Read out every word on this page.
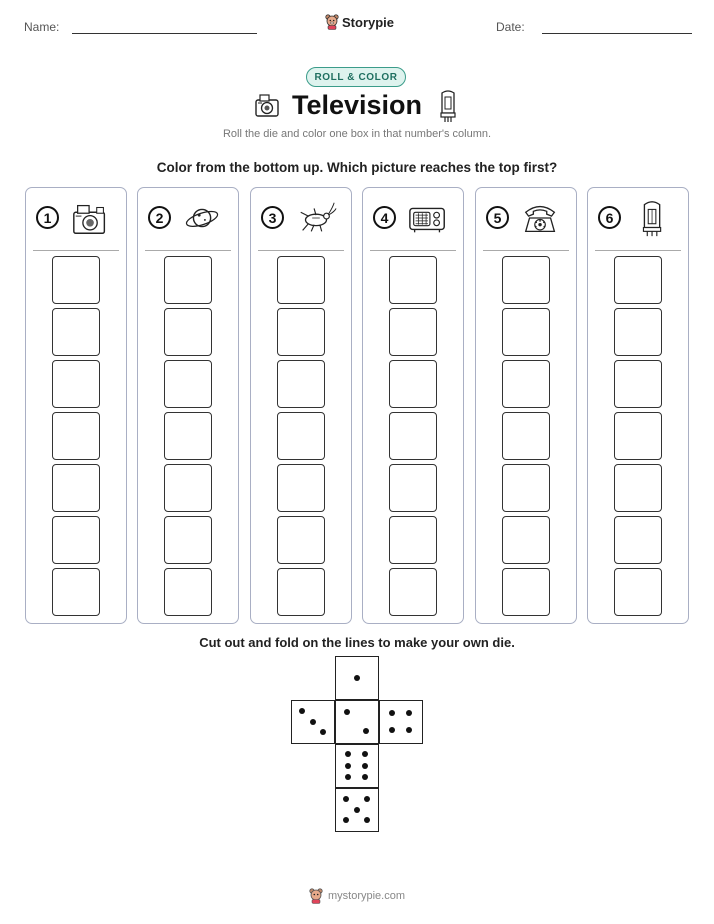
Name:	Storypie	Date:
ROLL & COLOR
Television
Roll the die and color one box in that number's column.
Color from the bottom up. Which picture reaches the top first?
1	2	3	4	5	6
Cut out and fold on the lines to make your own die.
mystorypie.com
